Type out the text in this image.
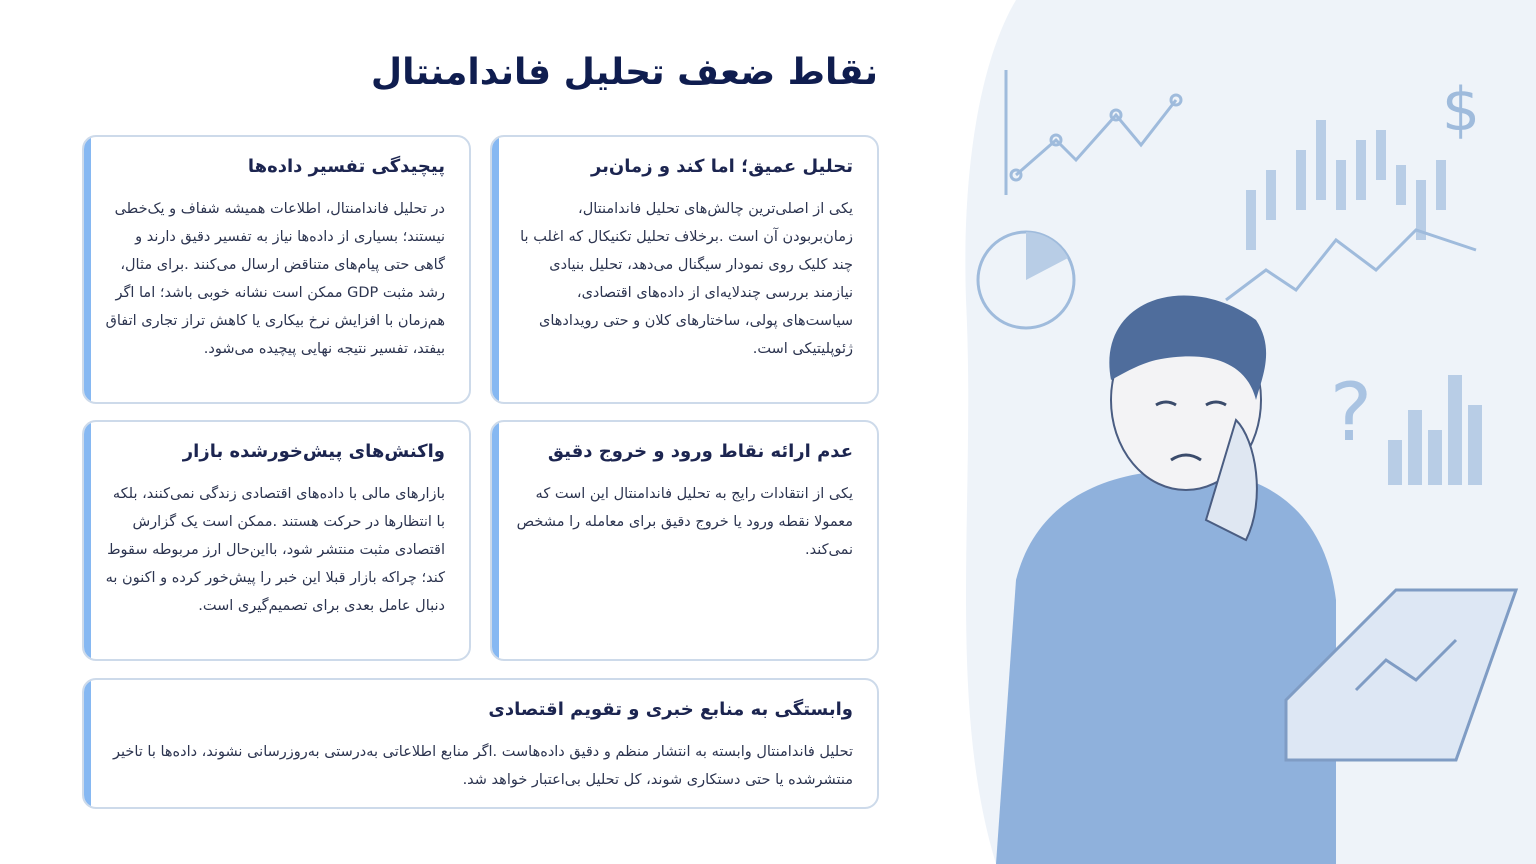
$
?
نقاط ضعف تحلیل فاندامنتال
تحلیل عمیق؛ اما کند و زمان‌بر

یکی از اصلی‌ترین چالش‌های تحلیل فاندامنتال، زمان‌بربودن آن است .برخلاف تحلیل تکنیکال که اغلب با چند کلیک روی نمودار سیگنال می‌دهد، تحلیل بنیادی نیازمند بررسی چندلایه‌ای از داده‌های اقتصادی، سیاست‌های پولی، ساختارهای کلان و حتی رویدادهای ژئوپلیتیکی است.

پیچیدگی تفسیر داده‌ها

در تحلیل فاندامنتال، اطلاعات همیشه شفاف و یک‌خطی نیستند؛ بسیاری از داده‌ها نیاز به تفسیر دقیق دارند و گاهی حتی پیام‌های متناقض ارسال می‌کنند .برای مثال، رشد مثبت GDP ممکن است نشانه خوبی باشد؛ اما اگر هم‌زمان با افزایش نرخ بیکاری یا کاهش تراز تجاری اتفاق بیفتد، تفسیر نتیجه نهایی پیچیده می‌شود.

عدم ارائه نقاط ورود و خروج دقیق

یکی از انتقادات رایج به تحلیل فاندامنتال این است که معمولا نقطه ورود یا خروج دقیق برای معامله را مشخص نمی‌کند.

واکنش‌های پیش‌خورشده بازار

بازارهای مالی با داده‌های اقتصادی زندگی نمی‌کنند، بلکه با انتظارها در حرکت هستند .ممکن است یک گزارش اقتصادی مثبت منتشر شود، بااین‌حال ارز مربوطه سقوط کند؛ چراکه بازار قبلا این خبر را پیش‌خور کرده و اکنون به دنبال عامل بعدی برای تصمیم‌گیری است.

وابستگی به منابع خبری و تقویم اقتصادی

تحلیل فاندامنتال وابسته به انتشار منظم و دقیق داده‌هاست .اگر منابع اطلاعاتی به‌درستی به‌روزرسانی نشوند، داده‌ها با تاخیر منتشرشده یا حتی دستکاری شوند، کل تحلیل بی‌اعتبار خواهد شد.
